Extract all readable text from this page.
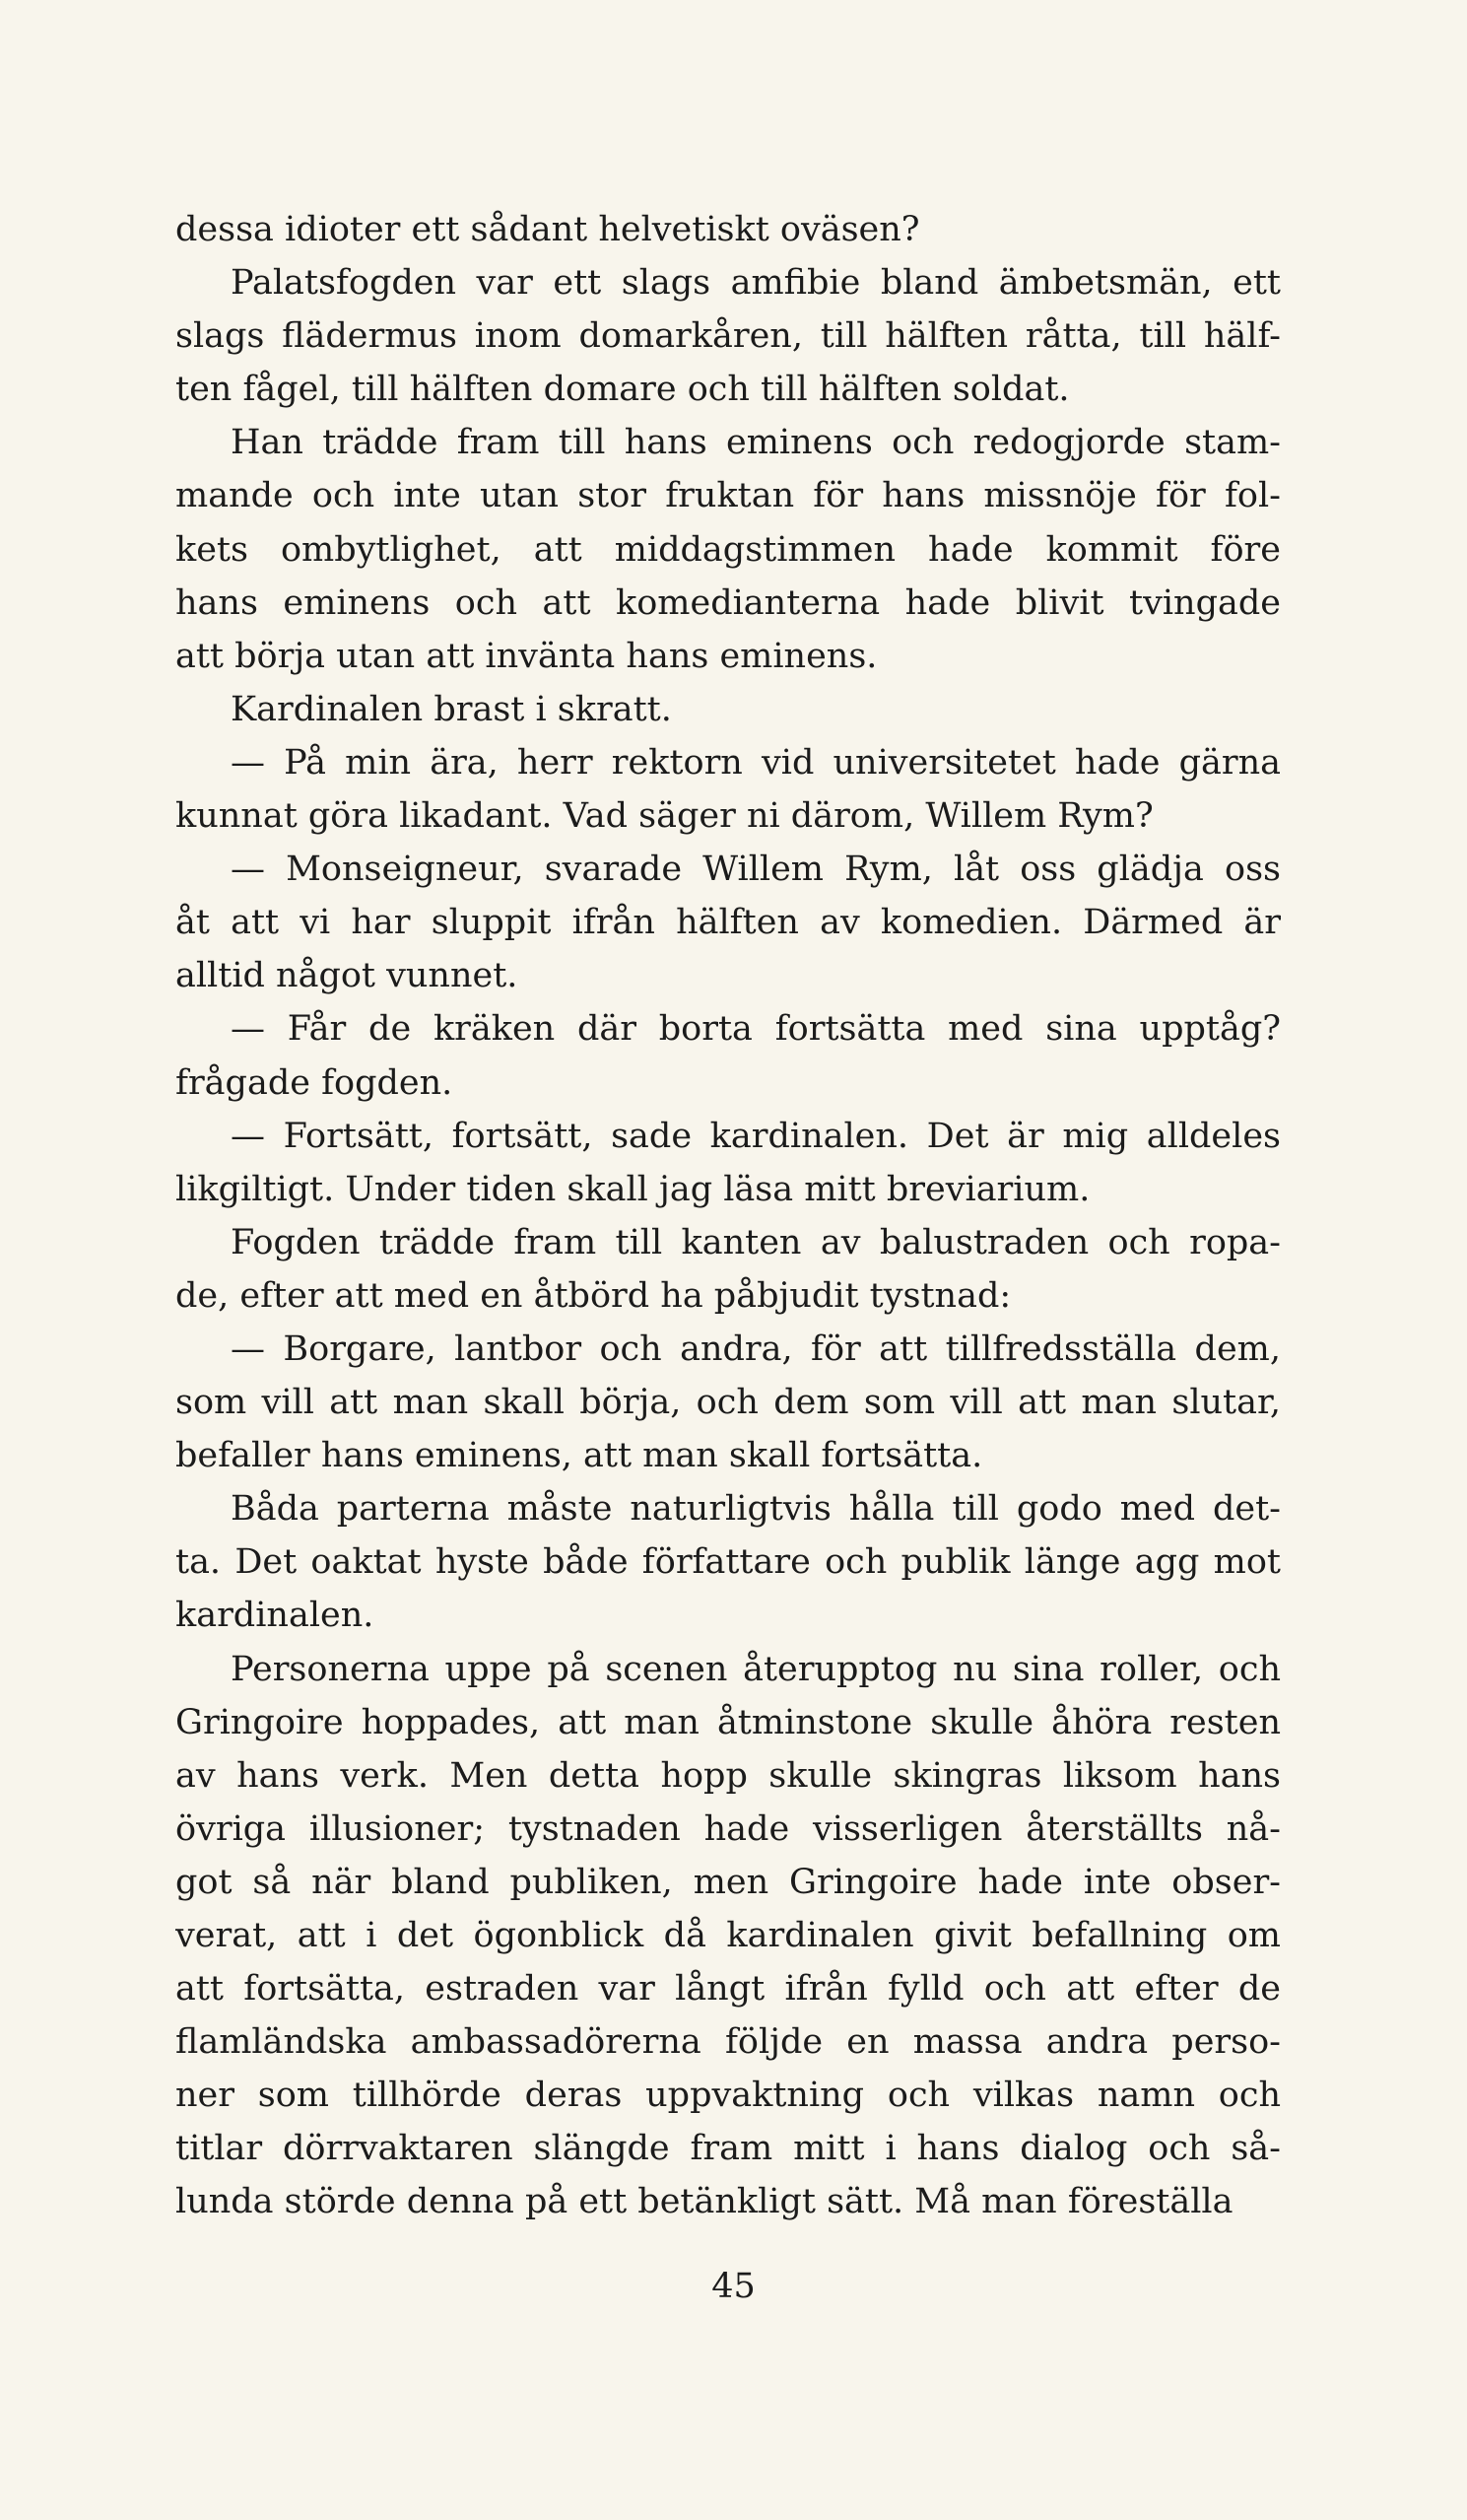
dessa idioter ett sådant helvetiskt oväsen?
Palatsfogden var ett slags amfibie bland ämbetsmän, ett
slags flädermus inom domarkåren, till hälften råtta, till hälf-
ten fågel, till hälften domare och till hälften soldat.
Han trädde fram till hans eminens och redogjorde stam-
mande och inte utan stor fruktan för hans missnöje för fol-
kets ombytlighet, att middagstimmen hade kommit före
hans eminens och att komedianterna hade blivit tvingade
att börja utan att invänta hans eminens.
Kardinalen brast i skratt.
— På min ära, herr rektorn vid universitetet hade gärna
kunnat göra likadant. Vad säger ni därom, Willem Rym?
— Monseigneur, svarade Willem Rym, låt oss glädja oss
åt att vi har sluppit ifrån hälften av komedien. Därmed är
alltid något vunnet.
— Får de kräken där borta fortsätta med sina upptåg?
frågade fogden.
— Fortsätt, fortsätt, sade kardinalen. Det är mig alldeles
likgiltigt. Under tiden skall jag läsa mitt breviarium.
Fogden trädde fram till kanten av balustraden och ropa-
de, efter att med en åtbörd ha påbjudit tystnad:
— Borgare, lantbor och andra, för att tillfredsställa dem,
som vill att man skall börja, och dem som vill att man slutar,
befaller hans eminens, att man skall fortsätta.
Båda parterna måste naturligtvis hålla till godo med det-
ta. Det oaktat hyste både författare och publik länge agg mot
kardinalen.
Personerna uppe på scenen återupptog nu sina roller, och
Gringoire hoppades, att man åtminstone skulle åhöra resten
av hans verk. Men detta hopp skulle skingras liksom hans
övriga illusioner; tystnaden hade visserligen återställts nå-
got så när bland publiken, men Gringoire hade inte obser-
verat, att i det ögonblick då kardinalen givit befallning om
att fortsätta, estraden var långt ifrån fylld och att efter de
flamländska ambassadörerna följde en massa andra perso-
ner som tillhörde deras uppvaktning och vilkas namn och
titlar dörrvaktaren slängde fram mitt i hans dialog och så-
lunda störde denna på ett betänkligt sätt. Må man föreställa
45
